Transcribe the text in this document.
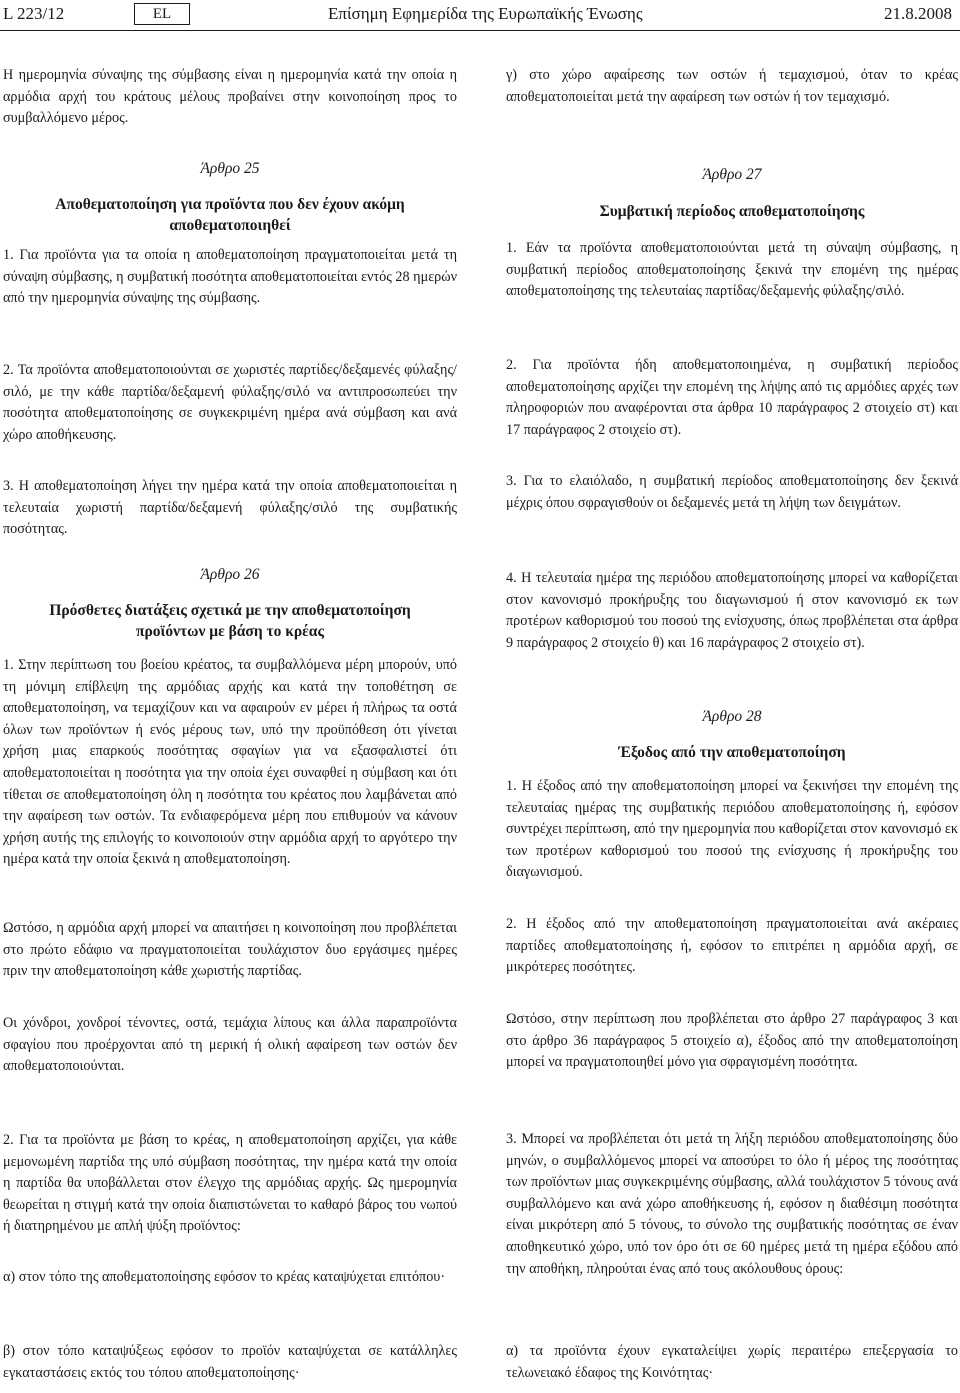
L 223/12	EL	Επίσημη Εφημερίδα της Ευρωπαϊκής Ένωσης	21.8.2008

Η ημερομηνία σύναψης της σύμβασης είναι η ημερομηνία κατά την οποία η αρμόδια αρχή του κράτους μέλους προβαίνει στην κοινοποίηση προς το συμβαλλόμενο μέρος.

Άρθρο 25
Αποθεματοποίηση για προϊόντα που δεν έχουν ακόμη αποθεματοποιηθεί

1. Για προϊόντα για τα οποία η αποθεματοποίηση πραγματοποιείται μετά τη σύναψη σύμβασης, η συμβατική ποσότητα αποθεματοποιείται εντός 28 ημερών από την ημερομηνία σύναψης της σύμβασης.

2. Τα προϊόντα αποθεματοποιούνται σε χωριστές παρτίδες/δεξαμενές φύλαξης/σιλό, με την κάθε παρτίδα/δεξαμενή φύλαξης/σιλό να αντιπροσωπεύει την ποσότητα αποθεματοποίησης σε συγκεκριμένη ημέρα ανά σύμβαση και ανά χώρο αποθήκευσης.

3. Η αποθεματοποίηση λήγει την ημέρα κατά την οποία αποθεματοποιείται η τελευταία χωριστή παρτίδα/δεξαμενή φύλαξης/σιλό της συμβατικής ποσότητας.

Άρθρο 26
Πρόσθετες διατάξεις σχετικά με την αποθεματοποίηση προϊόντων με βάση το κρέας

1. Στην περίπτωση του βοείου κρέατος, τα συμβαλλόμενα μέρη μπορούν, υπό τη μόνιμη επίβλεψη της αρμόδιας αρχής και κατά την τοποθέτηση σε αποθεματοποίηση, να τεμαχίζουν και να αφαιρούν εν μέρει ή πλήρως τα οστά όλων των προϊόντων ή ενός μέρους των, υπό την προϋπόθεση ότι γίνεται χρήση μιας επαρκούς ποσότητας σφαγίων για να εξασφαλιστεί ότι αποθεματοποιείται η ποσότητα για την οποία έχει συναφθεί η σύμβαση και ότι τίθεται σε αποθεματοποίηση όλη η ποσότητα του κρέατος που λαμβάνεται από την αφαίρεση των οστών. Τα ενδιαφερόμενα μέρη που επιθυμούν να κάνουν χρήση αυτής της επιλογής το κοινοποιούν στην αρμόδια αρχή το αργότερο την ημέρα κατά την οποία ξεκινά η αποθεματοποίηση.

Ωστόσο, η αρμόδια αρχή μπορεί να απαιτήσει η κοινοποίηση που προβλέπεται στο πρώτο εδάφιο να πραγματοποιείται τουλάχιστον δυο εργάσιμες ημέρες πριν την αποθεματοποίηση κάθε χωριστής παρτίδας.

Οι χόνδροι, χονδροί τένοντες, οστά, τεμάχια λίπους και άλλα παραπροϊόντα σφαγίου που προέρχονται από τη μερική ή ολική αφαίρεση των οστών δεν αποθεματοποιούνται.

2. Για τα προϊόντα με βάση το κρέας, η αποθεματοποίηση αρχίζει, για κάθε μεμονωμένη παρτίδα της υπό σύμβαση ποσότητας, την ημέρα κατά την οποία η παρτίδα θα υποβάλλεται στον έλεγχο της αρμόδιας αρχής. Ως ημερομηνία θεωρείται η στιγμή κατά την οποία διαπιστώνεται το καθαρό βάρος του νωπού ή διατηρημένου με απλή ψύξη προϊόντος:

α) στον τόπο της αποθεματοποίησης εφόσον το κρέας καταψύχεται επιτόπου·

β) στον τόπο καταψύξεως εφόσον το προϊόν καταψύχεται σε κατάλληλες εγκαταστάσεις εκτός του τόπου αποθεματοποίησης·

γ) στο χώρο αφαίρεσης των οστών ή τεμαχισμού, όταν το κρέας αποθεματοποιείται μετά την αφαίρεση των οστών ή τον τεμαχισμό.

Άρθρο 27
Συμβατική περίοδος αποθεματοποίησης

1. Εάν τα προϊόντα αποθεματοποιούνται μετά τη σύναψη σύμβασης, η συμβατική περίοδος αποθεματοποίησης ξεκινά την επομένη της ημέρας αποθεματοποίησης της τελευταίας παρτίδας/δεξαμενής φύλαξης/σιλό.

2. Για προϊόντα ήδη αποθεματοποιημένα, η συμβατική περίοδος αποθεματοποίησης αρχίζει την επομένη της λήψης από τις αρμόδιες αρχές των πληροφοριών που αναφέρονται στα άρθρα 10 παράγραφος 2 στοιχείο στ) και 17 παράγραφος 2 στοιχείο στ).

3. Για το ελαιόλαδο, η συμβατική περίοδος αποθεματοποίησης δεν ξεκινά μέχρις όπου σφραγισθούν οι δεξαμενές μετά τη λήψη των δειγμάτων.

4. Η τελευταία ημέρα της περιόδου αποθεματοποίησης μπορεί να καθορίζεται στον κανονισμό προκήρυξης του διαγωνισμού ή στον κανονισμό εκ των προτέρων καθορισμού του ποσού της ενίσχυσης, όπως προβλέπεται στα άρθρα 9 παράγραφος 2 στοιχείο θ) και 16 παράγραφος 2 στοιχείο στ).

Άρθρο 28
Έξοδος από την αποθεματοποίηση

1. Η έξοδος από την αποθεματοποίηση μπορεί να ξεκινήσει την επομένη της τελευταίας ημέρας της συμβατικής περιόδου αποθεματοποίησης ή, εφόσον συντρέχει περίπτωση, από την ημερομηνία που καθορίζεται στον κανονισμό εκ των προτέρων καθορισμού του ποσού της ενίσχυσης ή προκήρυξης του διαγωνισμού.

2. Η έξοδος από την αποθεματοποίηση πραγματοποιείται ανά ακέραιες παρτίδες αποθεματοποίησης ή, εφόσον το επιτρέπει η αρμόδια αρχή, σε μικρότερες ποσότητες.

Ωστόσο, στην περίπτωση που προβλέπεται στο άρθρο 27 παράγραφος 3 και στο άρθρο 36 παράγραφος 5 στοιχείο α), έξοδος από την αποθεματοποίηση μπορεί να πραγματοποιηθεί μόνο για σφραγισμένη ποσότητα.

3. Μπορεί να προβλέπεται ότι μετά τη λήξη περιόδου αποθεματοποίησης δύο μηνών, ο συμβαλλόμενος μπορεί να αποσύρει το όλο ή μέρος της ποσότητας των προϊόντων μιας συγκεκριμένης σύμβασης, αλλά τουλάχιστον 5 τόνους ανά συμβαλλόμενο και ανά χώρο αποθήκευσης ή, εφόσον η διαθέσιμη ποσότητα είναι μικρότερη από 5 τόνους, το σύνολο της συμβατικής ποσότητας σε έναν αποθηκευτικό χώρο, υπό τον όρο ότι σε 60 ημέρες μετά τη ημέρα εξόδου από την αποθήκη, πληρούται ένας από τους ακόλουθους όρους:

α) τα προϊόντα έχουν εγκαταλείψει χωρίς περαιτέρω επεξεργασία το τελωνειακό έδαφος της Κοινότητας·
